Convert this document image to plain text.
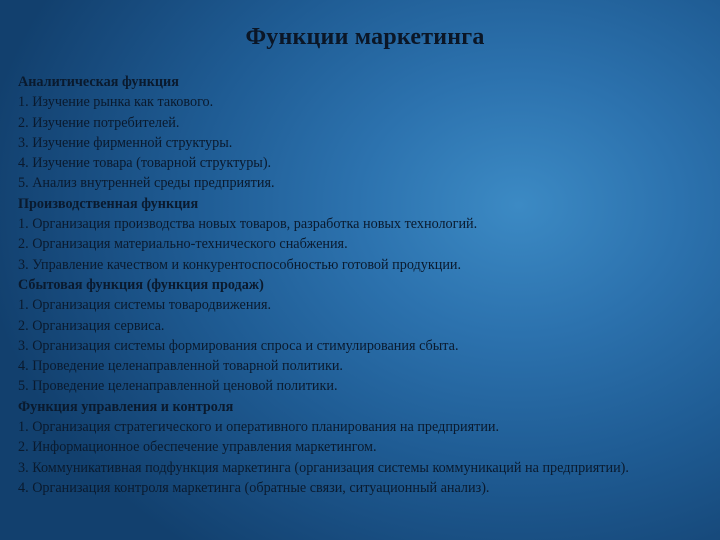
Функции маркетинга
Аналитическая функция
1. Изучение рынка как такового.
2. Изучение потребителей.
3. Изучение фирменной структуры.
4. Изучение товара (товарной структуры).
5. Анализ внутренней среды предприятия.
Производственная функция
1. Организация производства новых товаров, разработка новых технологий.
2. Организация материально-технического снабжения.
3. Управление качеством и конкурентоспособностью готовой продукции.
Сбытовая функция (функция продаж)
1. Организация системы товародвижения.
2. Организация сервиса.
3. Организация системы формирования спроса и стимулирования сбыта.
4. Проведение целенаправленной товарной политики.
5. Проведение целенаправленной ценовой политики.
Функция управления и контроля
1. Организация стратегического и оперативного планирования на предприятии.
2. Информационное обеспечение управления маркетингом.
3. Коммуникативная подфункция маркетинга (организация системы коммуникаций на предприятии).
4. Организация контроля маркетинга (обратные связи, ситуационный анализ).
